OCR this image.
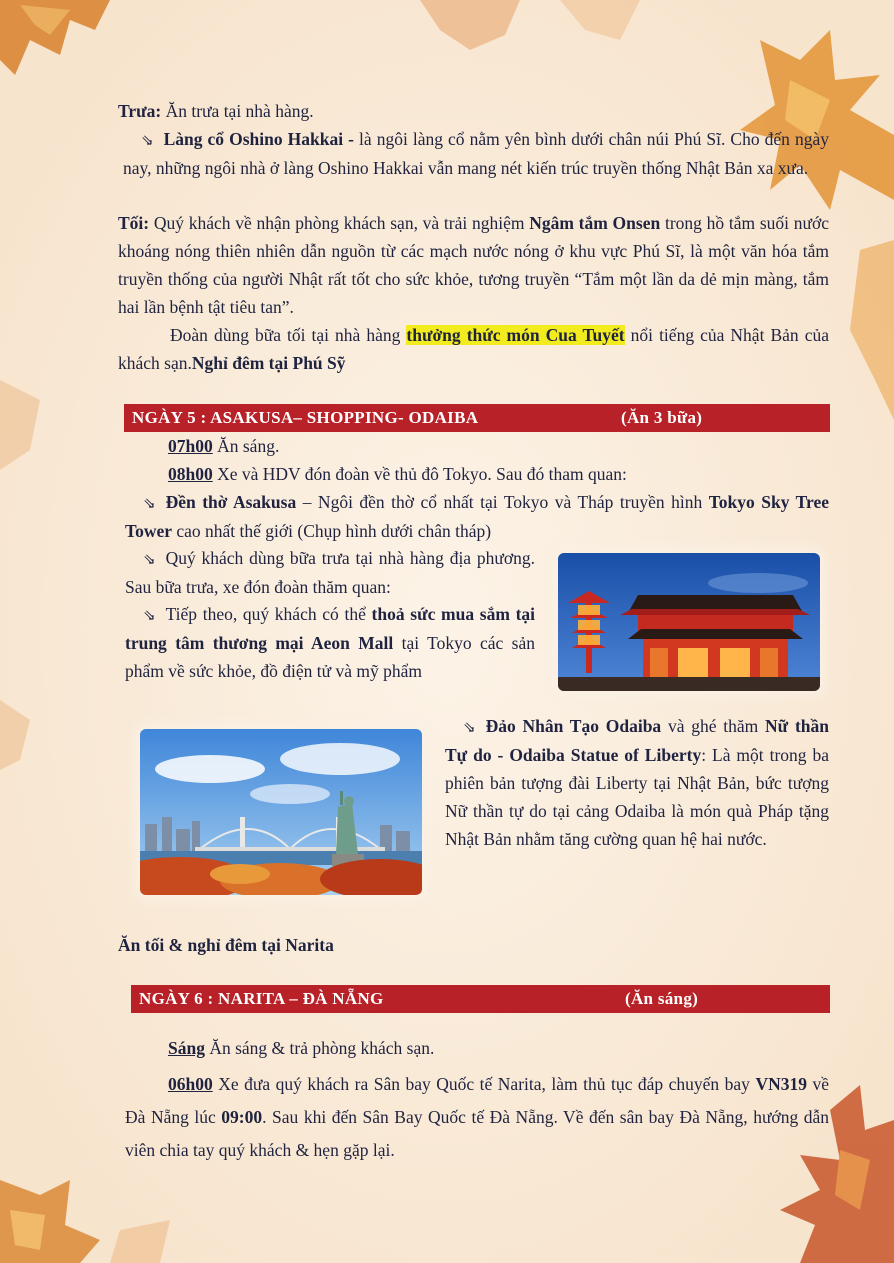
Trưa: Ăn trưa tại nhà hàng.
⇘ Làng cổ Oshino Hakkai - là ngôi làng cổ nằm yên bình dưới chân núi Phú Sĩ. Cho đến ngày nay, những ngôi nhà ở làng Oshino Hakkai vẫn mang nét kiến trúc truyền thống Nhật Bản xa xưa.
Tối: Quý khách về nhận phòng khách sạn, và trải nghiệm Ngâm tắm Onsen trong hồ tắm suối nước khoáng nóng thiên nhiên dẫn nguồn từ các mạch nước nóng ở khu vực Phú Sĩ, là một văn hóa tắm truyền thống của người Nhật rất tốt cho sức khỏe, tương truyền “Tắm một lần da dẻ mịn màng, tắm hai lần bệnh tật tiêu tan”.
Đoàn dùng bữa tối tại nhà hàng thưởng thức món Cua Tuyết nổi tiếng của Nhật Bản của khách sạn.Nghỉ đêm tại Phú Sỹ
NGÀY 5 : ASAKUSA– SHOPPING- ODAIBA	(Ăn 3 bữa)
07h00 Ăn sáng.
08h00 Xe và HDV đón đoàn về thủ đô Tokyo. Sau đó tham quan:
⇘ Đền thờ Asakusa – Ngôi đền thờ cổ nhất tại Tokyo và Tháp truyền hình Tokyo Sky Tree Tower cao nhất thế giới (Chụp hình dưới chân tháp)
⇘ Quý khách dùng bữa trưa tại nhà hàng địa phương. Sau bữa trưa, xe đón đoàn thăm quan:
⇘ Tiếp theo, quý khách có thể thoả sức mua sắm tại trung tâm thương mại Aeon Mall tại Tokyo các sản phẩm về sức khỏe, đồ điện tử và mỹ phẩm
⇘ Đảo Nhân Tạo Odaiba và ghé thăm Nữ thần Tự do - Odaiba Statue of Liberty: Là một trong ba phiên bản tượng đài Liberty tại Nhật Bản, bức tượng Nữ thần tự do tại cảng Odaiba là món quà Pháp tặng Nhật Bản nhằm tăng cường quan hệ hai nước.
Ăn tối & nghỉ đêm tại Narita
NGÀY 6 : NARITA – ĐÀ NẴNG	(Ăn sáng)
Sáng Ăn sáng & trả phòng khách sạn.
06h00 Xe đưa quý khách ra Sân bay Quốc tế Narita, làm thủ tục đáp chuyến bay VN319 về Đà Nẵng lúc 09:00. Sau khi đến Sân Bay Quốc tế Đà Nẵng. Về đến sân bay Đà Nẵng, hướng dẫn viên chia tay quý khách & hẹn gặp lại.
